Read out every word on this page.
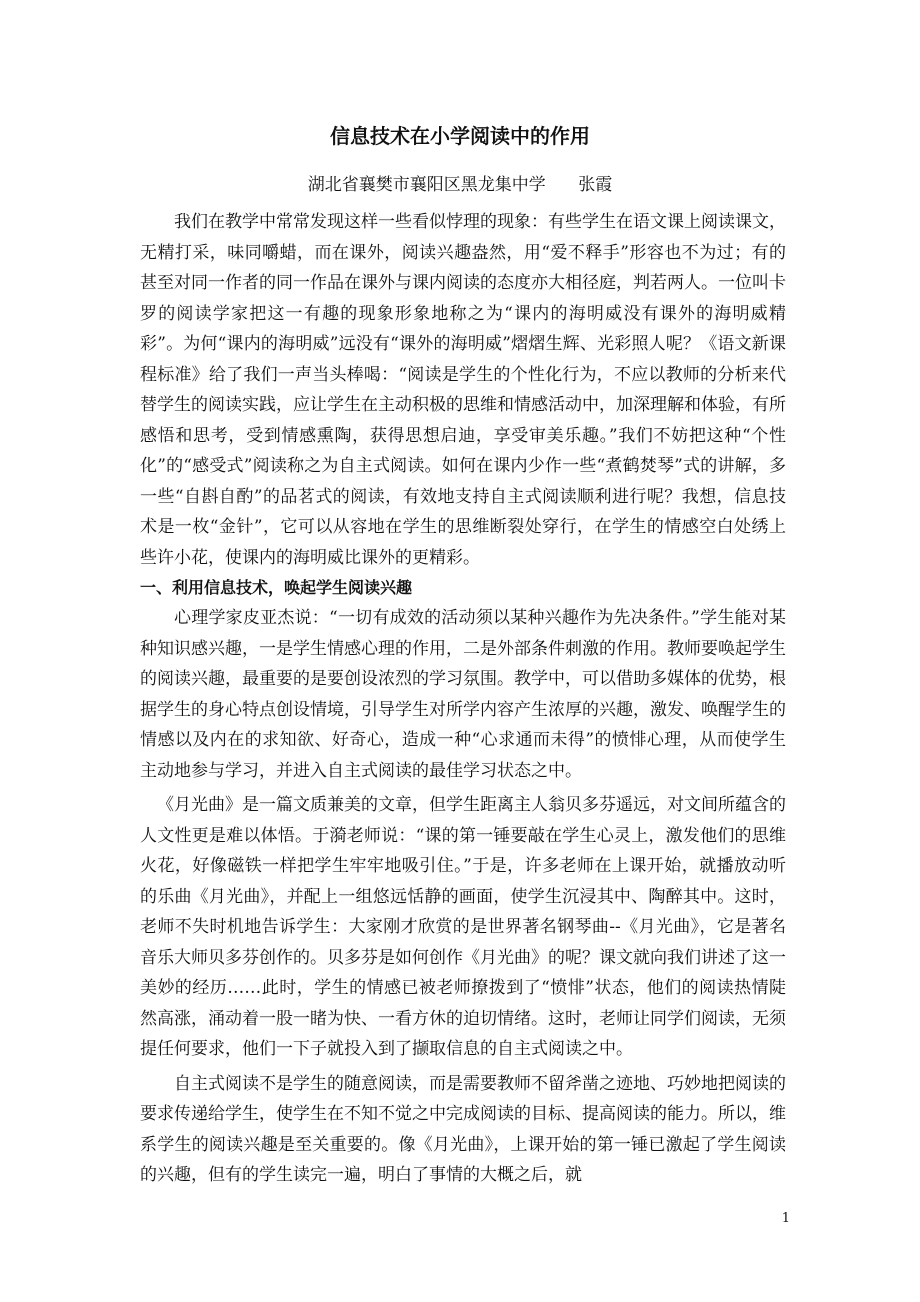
信息技术在小学阅读中的作用
湖北省襄樊市襄阳区黑龙集中学      张霞

我们在教学中常常发现这样一些看似悖理的现象：有些学生在语文课上阅读课文，无精打采，味同嚼蜡，而在课外，阅读兴趣盎然，用“爱不释手”形容也不为过；有的甚至对同一作者的同一作品在课外与课内阅读的态度亦大相径庭，判若两人。一位叫卡罗的阅读学家把这一有趣的现象形象地称之为“课内的海明威没有课外的海明威精彩”。为何“课内的海明威”远没有“课外的海明威”熠熠生辉、光彩照人呢？《语文新课程标准》给了我们一声当头棒喝：“阅读是学生的个性化行为，不应以教师的分析来代替学生的阅读实践，应让学生在主动积极的思维和情感活动中，加深理解和体验，有所感悟和思考，受到情感熏陶，获得思想启迪，享受审美乐趣。”我们不妨把这种“个性化”的“感受式”阅读称之为自主式阅读。如何在课内少作一些“煮鹤焚琴”式的讲解，多一些“自斟自酌”的品茗式的阅读，有效地支持自主式阅读顺利进行呢？我想，信息技术是一枚“金针”，它可以从容地在学生的思维断裂处穿行，在学生的情感空白处绣上些许小花，使课内的海明威比课外的更精彩。

一、利用信息技术，唤起学生阅读兴趣

心理学家皮亚杰说：“一切有成效的活动须以某种兴趣作为先决条件。”学生能对某种知识感兴趣，一是学生情感心理的作用，二是外部条件刺激的作用。教师要唤起学生的阅读兴趣，最重要的是要创设浓烈的学习氛围。教学中，可以借助多媒体的优势，根据学生的身心特点创设情境，引导学生对所学内容产生浓厚的兴趣，激发、唤醒学生的情感以及内在的求知欲、好奇心，造成一种“心求通而未得”的愤悱心理，从而使学生主动地参与学习，并进入自主式阅读的最佳学习状态之中。

《月光曲》是一篇文质兼美的文章，但学生距离主人翁贝多芬遥远，对文间所蕴含的人文性更是难以体悟。于漪老师说：“课的第一锤要敲在学生心灵上，激发他们的思维火花，好像磁铁一样把学生牢牢地吸引住。”于是，许多老师在上课开始，就播放动听的乐曲《月光曲》，并配上一组悠远恬静的画面，使学生沉浸其中、陶醉其中。这时，老师不失时机地告诉学生：大家刚才欣赏的是世界著名钢琴曲--《月光曲》，它是著名音乐大师贝多芬创作的。贝多芬是如何创作《月光曲》的呢？课文就向我们讲述了这一美妙的经历……此时，学生的情感已被老师撩拨到了“愤悱”状态，他们的阅读热情陡然高涨，涌动着一股一睹为快、一看方休的迫切情绪。这时，老师让同学们阅读，无须提任何要求，他们一下子就投入到了撷取信息的自主式阅读之中。

自主式阅读不是学生的随意阅读，而是需要教师不留斧凿之迹地、巧妙地把阅读的要求传递给学生，使学生在不知不觉之中完成阅读的目标、提高阅读的能力。所以，维系学生的阅读兴趣是至关重要的。像《月光曲》，上课开始的第一锤已激起了学生阅读的兴趣，但有的学生读完一遍，明白了事情的大概之后，就

1
